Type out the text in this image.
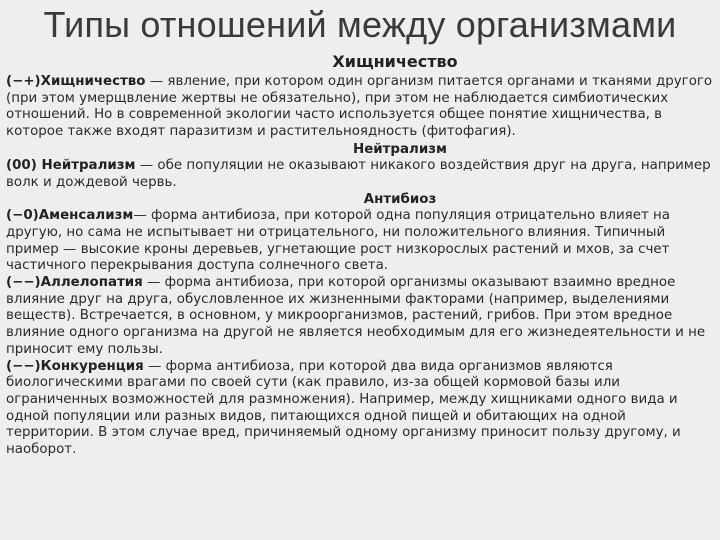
Типы отношений между организмами
Хищничество

(−+)Хищничество — явление, при котором один организм питается органами и тканями другого (при этом умерщвление жертвы не обязательно), при этом не наблюдается симбиотических отношений. Но в современной экологии часто используется общее понятие хищничества, в которое также входят паразитизм и растительноядность (фитофагия).

Нейтрализм

(00) Нейтрализм — обе популяции не оказывают никакого воздействия друг на друга, например волк и дождевой червь.

Антибиоз

(−0)Аменсализм— форма антибиоза, при которой одна популяция отрицательно влияет на другую, но сама не испытывает ни отрицательного, ни положительного влияния. Типичный пример — высокие кроны деревьев, угнетающие рост низкорослых растений и мхов, за счет частичного перекрывания доступа солнечного света.

(−−)Аллелопатия — форма антибиоза, при которой организмы оказывают взаимно вредное влияние друг на друга, обусловленное их жизненными факторами (например, выделениями веществ). Встречается, в основном, у микроорганизмов, растений, грибов. При этом вредное влияние одного организма на другой не является необходимым для его жизнедеятельности и не приносит ему пользы.

(−−)Конкуренция — форма антибиоза, при которой два вида организмов являются биологическими врагами по своей сути (как правило, из-за общей кормовой базы или ограниченных возможностей для размножения). Например, между хищниками одного вида и одной популяции или разных видов, питающихся одной пищей и обитающих на одной территории. В этом случае вред, причиняемый одному организму приносит пользу другому, и наоборот.
